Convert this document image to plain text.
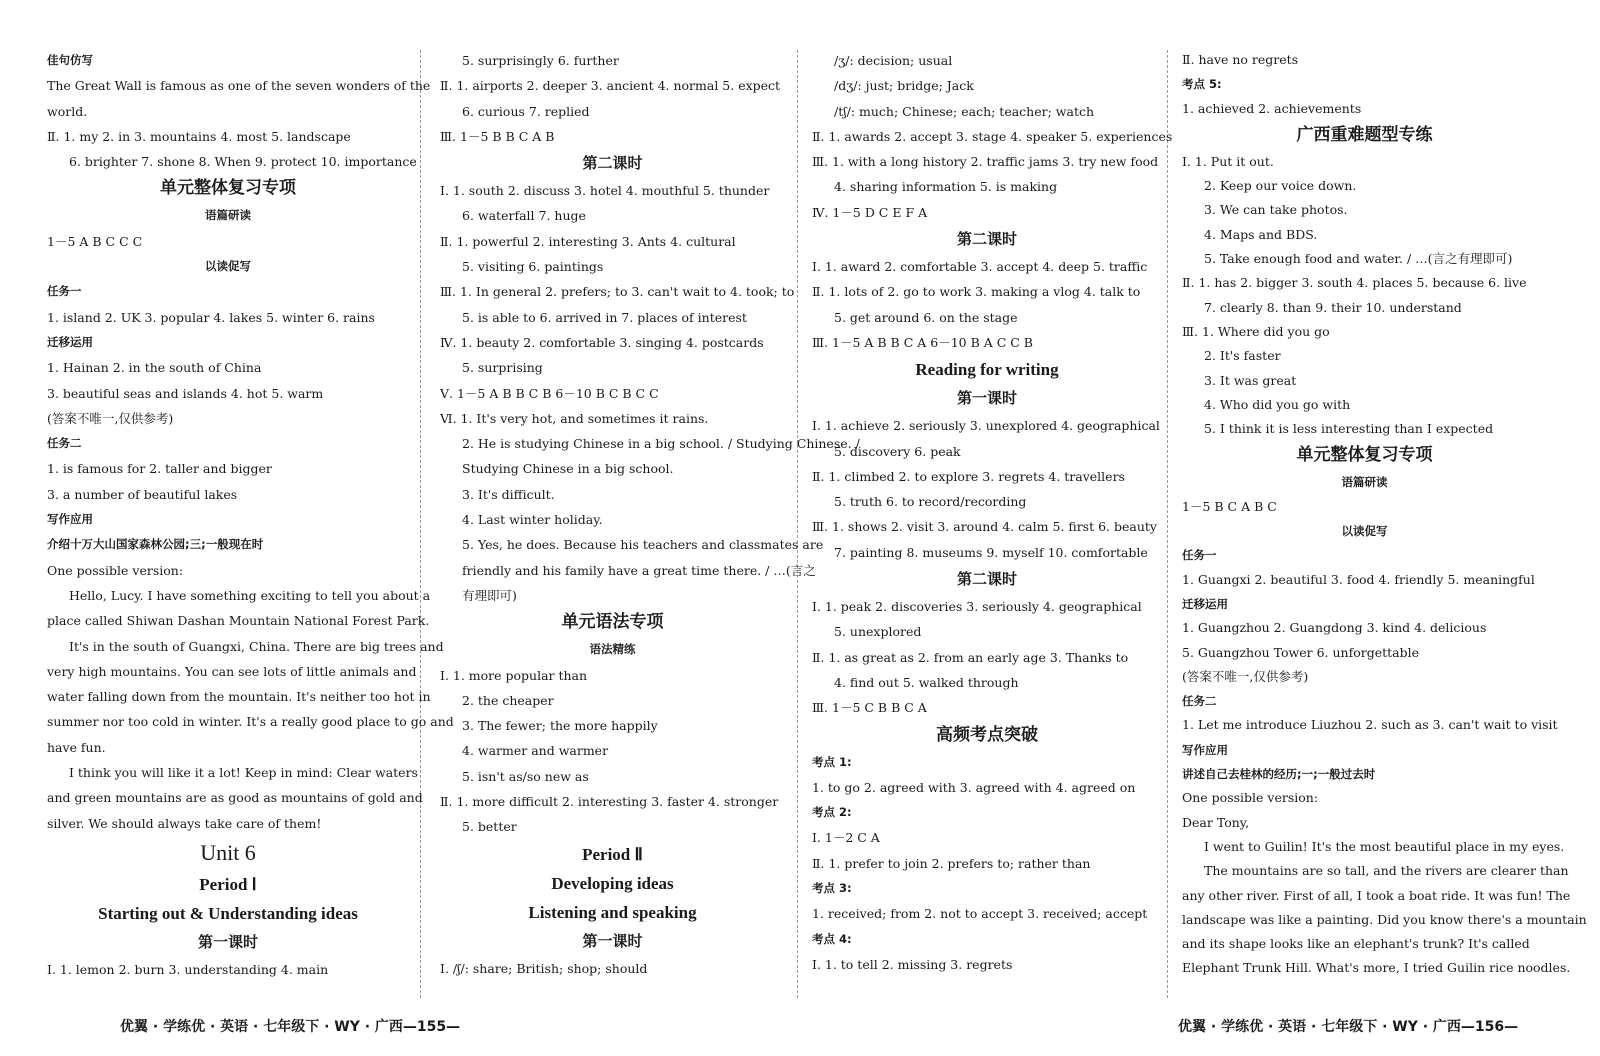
佳句仿写
The Great Wall is famous as one of the seven wonders of the
world.
Ⅱ. 1. my 2. in 3. mountains 4. most 5. landscape
6. brighter 7. shone 8. When 9. protect 10. importance
单元整体复习专项
语篇研读
1－5 A B C C C
以读促写
任务一
1. island 2. UK 3. popular 4. lakes 5. winter 6. rains
迁移运用
1. Hainan 2. in the south of China
3. beautiful seas and islands 4. hot 5. warm
(答案不唯一,仅供参考)
任务二
1. is famous for 2. taller and bigger
3. a number of beautiful lakes
写作应用
介绍十万大山国家森林公园;三;一般现在时
One possible version:
Hello, Lucy. I have something exciting to tell you about a
place called Shiwan Dashan Mountain National Forest Park.
It's in the south of Guangxi, China. There are big trees and
very high mountains. You can see lots of little animals and
water falling down from the mountain. It's neither too hot in
summer nor too cold in winter. It's a really good place to go and
have fun.
I think you will like it a lot! Keep in mind: Clear waters
and green mountains are as good as mountains of gold and
silver. We should always take care of them!
Unit 6
Period Ⅰ
Starting out & Understanding ideas
第一课时
Ⅰ. 1. lemon 2. burn 3. understanding 4. main
5. surprisingly 6. further
Ⅱ. 1. airports 2. deeper 3. ancient 4. normal 5. expect
6. curious 7. replied
Ⅲ. 1－5 B B C A B
第二课时
Ⅰ. 1. south 2. discuss 3. hotel 4. mouthful 5. thunder
6. waterfall 7. huge
Ⅱ. 1. powerful 2. interesting 3. Ants 4. cultural
5. visiting 6. paintings
Ⅲ. 1. In general 2. prefers; to 3. can't wait to 4. took; to
5. is able to 6. arrived in 7. places of interest
Ⅳ. 1. beauty 2. comfortable 3. singing 4. postcards
5. surprising
Ⅴ. 1－5 A B B C B 6－10 B C B C C
Ⅵ. 1. It's very hot, and sometimes it rains.
2. He is studying Chinese in a big school. / Studying Chinese. /
Studying Chinese in a big school.
3. It's difficult.
4. Last winter holiday.
5. Yes, he does. Because his teachers and classmates are
friendly and his family have a great time there. / …(言之
有理即可)
单元语法专项
语法精练
Ⅰ. 1. more popular than
2. the cheaper
3. The fewer; the more happily
4. warmer and warmer
5. isn't as/so new as
Ⅱ. 1. more difficult 2. interesting 3. faster 4. stronger
5. better
Period Ⅱ
Developing ideas
Listening and speaking
第一课时
Ⅰ. /ʃ/: share; British; shop; should
/ʒ/: decision; usual
/dʒ/: just; bridge; Jack
/tʃ/: much; Chinese; each; teacher; watch
Ⅱ. 1. awards 2. accept 3. stage 4. speaker 5. experiences
Ⅲ. 1. with a long history 2. traffic jams 3. try new food
4. sharing information 5. is making
Ⅳ. 1－5 D C E F A
第二课时
Ⅰ. 1. award 2. comfortable 3. accept 4. deep 5. traffic
Ⅱ. 1. lots of 2. go to work 3. making a vlog 4. talk to
5. get around 6. on the stage
Ⅲ. 1－5 A B B C A 6－10 B A C C B
Reading for writing
第一课时
Ⅰ. 1. achieve 2. seriously 3. unexplored 4. geographical
5. discovery 6. peak
Ⅱ. 1. climbed 2. to explore 3. regrets 4. travellers
5. truth 6. to record/recording
Ⅲ. 1. shows 2. visit 3. around 4. calm 5. first 6. beauty
7. painting 8. museums 9. myself 10. comfortable
第二课时
Ⅰ. 1. peak 2. discoveries 3. seriously 4. geographical
5. unexplored
Ⅱ. 1. as great as 2. from an early age 3. Thanks to
4. find out 5. walked through
Ⅲ. 1－5 C B B C A
高频考点突破
考点 1:
1. to go 2. agreed with 3. agreed with 4. agreed on
考点 2:
Ⅰ. 1－2 C A
Ⅱ. 1. prefer to join 2. prefers to; rather than
考点 3:
1. received; from 2. not to accept 3. received; accept
考点 4:
Ⅰ. 1. to tell 2. missing 3. regrets
Ⅱ. have no regrets
考点 5:
1. achieved 2. achievements
广西重难题型专练
Ⅰ. 1. Put it out.
2. Keep our voice down.
3. We can take photos.
4. Maps and BDS.
5. Take enough food and water. / …(言之有理即可)
Ⅱ. 1. has 2. bigger 3. south 4. places 5. because 6. live
7. clearly 8. than 9. their 10. understand
Ⅲ. 1. Where did you go
2. It's faster
3. It was great
4. Who did you go with
5. I think it is less interesting than I expected
单元整体复习专项
语篇研读
1－5 B C A B C
以读促写
任务一
1. Guangxi 2. beautiful 3. food 4. friendly 5. meaningful
迁移运用
1. Guangzhou 2. Guangdong 3. kind 4. delicious
5. Guangzhou Tower 6. unforgettable
(答案不唯一,仅供参考)
任务二
1. Let me introduce Liuzhou 2. such as 3. can't wait to visit
写作应用
讲述自己去桂林的经历;一;一般过去时
One possible version:
Dear Tony,
I went to Guilin! It's the most beautiful place in my eyes.
The mountains are so tall, and the rivers are clearer than
any other river. First of all, I took a boat ride. It was fun! The
landscape was like a painting. Did you know there's a mountain
and its shape looks like an elephant's trunk? It's called
Elephant Trunk Hill. What's more, I tried Guilin rice noodles.
优翼 · 学练优 · 英语 · 七年级下 · WY · 广西—155—	优翼 · 学练优 · 英语 · 七年级下 · WY · 广西—156—
